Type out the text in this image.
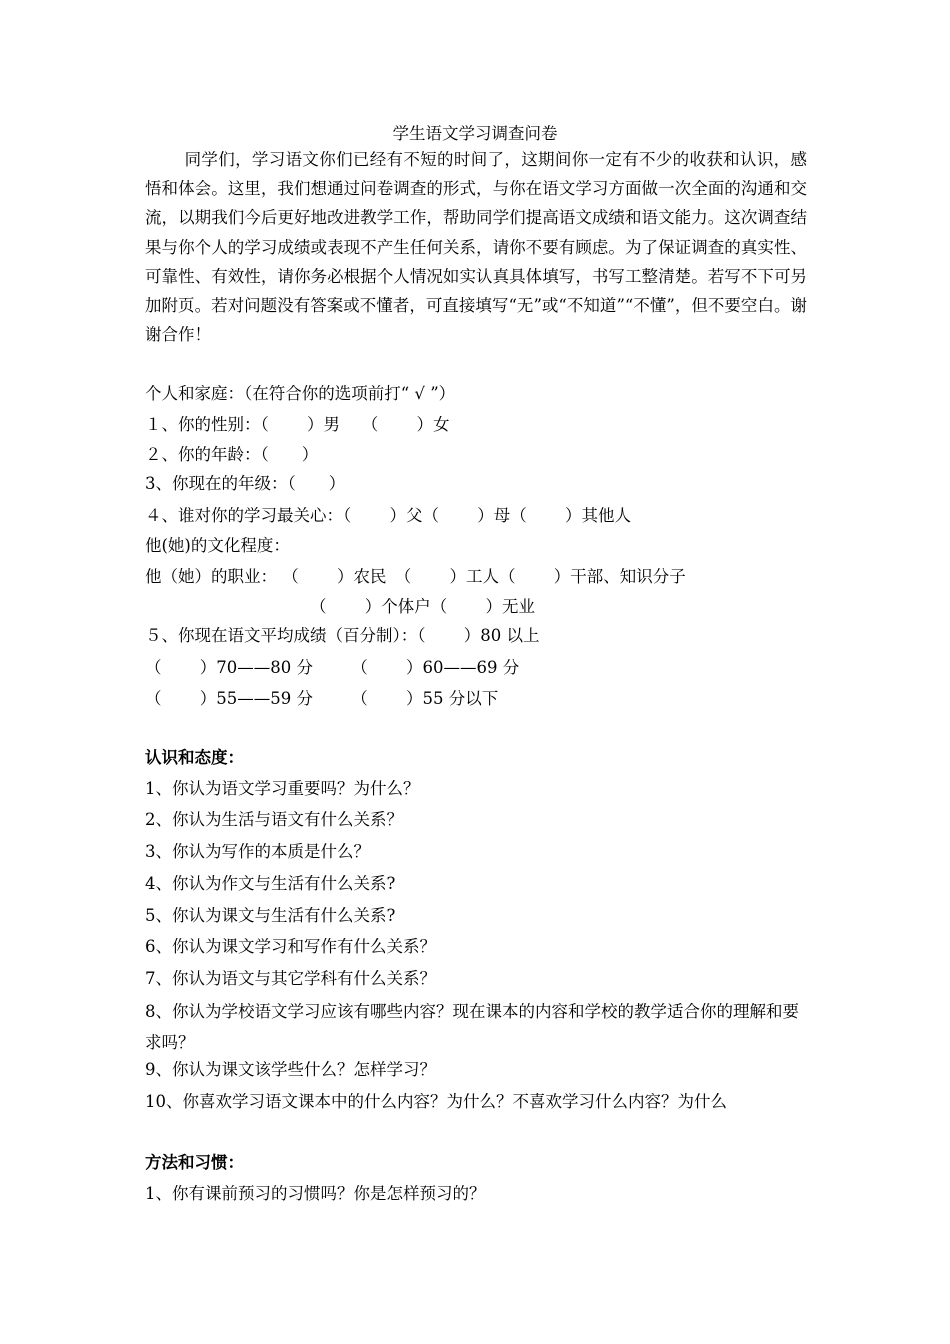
学生语文学习调查问卷

同学们，学习语文你们已经有不短的时间了，这期间你一定有不少的收获和认识，感悟和体会。这里，我们想通过问卷调查的形式，与你在语文学习方面做一次全面的沟通和交流，以期我们今后更好地改进教学工作，帮助同学们提高语文成绩和语文能力。这次调查结果与你个人的学习成绩或表现不产生任何关系，请你不要有顾虑。为了保证调查的真实性、可靠性、有效性，请你务必根据个人情况如实认真具体填写，书写工整清楚。若写不下可另加附页。若对问题没有答案或不懂者，可直接填写“无”或“不知道”“不懂”，但不要空白。谢谢合作！

个人和家庭：（在符合你的选项前打“ √ ”）
１、你的性别：（　　 ）男　 （　　 ）女
２、你的年龄：（　　）
3、你现在的年级：（　　）
４、谁对你的学习最关心：（　　 ）父（　　 ）母（　　 ）其他人
他(她)的文化程度：
他（她）的职业： （　　 ）农民　（　　 ）工人（　　 ）干部、知识分子
（　　 ）个体户（　　 ）无业
５、你现在语文平均成绩（百分制）：（　　 ）80 以上
（　　 ）70——80 分　　 （　　 ）60——69 分
（　　 ）55——59 分　　 （　　 ）55 分以下
认识和态度：
1、你认为语文学习重要吗？为什么？
2、你认为生活与语文有什么关系？
3、你认为写作的本质是什么？
4、你认为作文与生活有什么关系?
5、你认为课文与生活有什么关系?
6、你认为课文学习和写作有什么关系？
7、你认为语文与其它学科有什么关系？
8、你认为学校语文学习应该有哪些内容？现在课本的内容和学校的教学适合你的理解和要求吗？
9、你认为课文该学些什么？怎样学习？
10、你喜欢学习语文课本中的什么内容？为什么？不喜欢学习什么内容？为什么
方法和习惯：
1、你有课前预习的习惯吗？你是怎样预习的？
